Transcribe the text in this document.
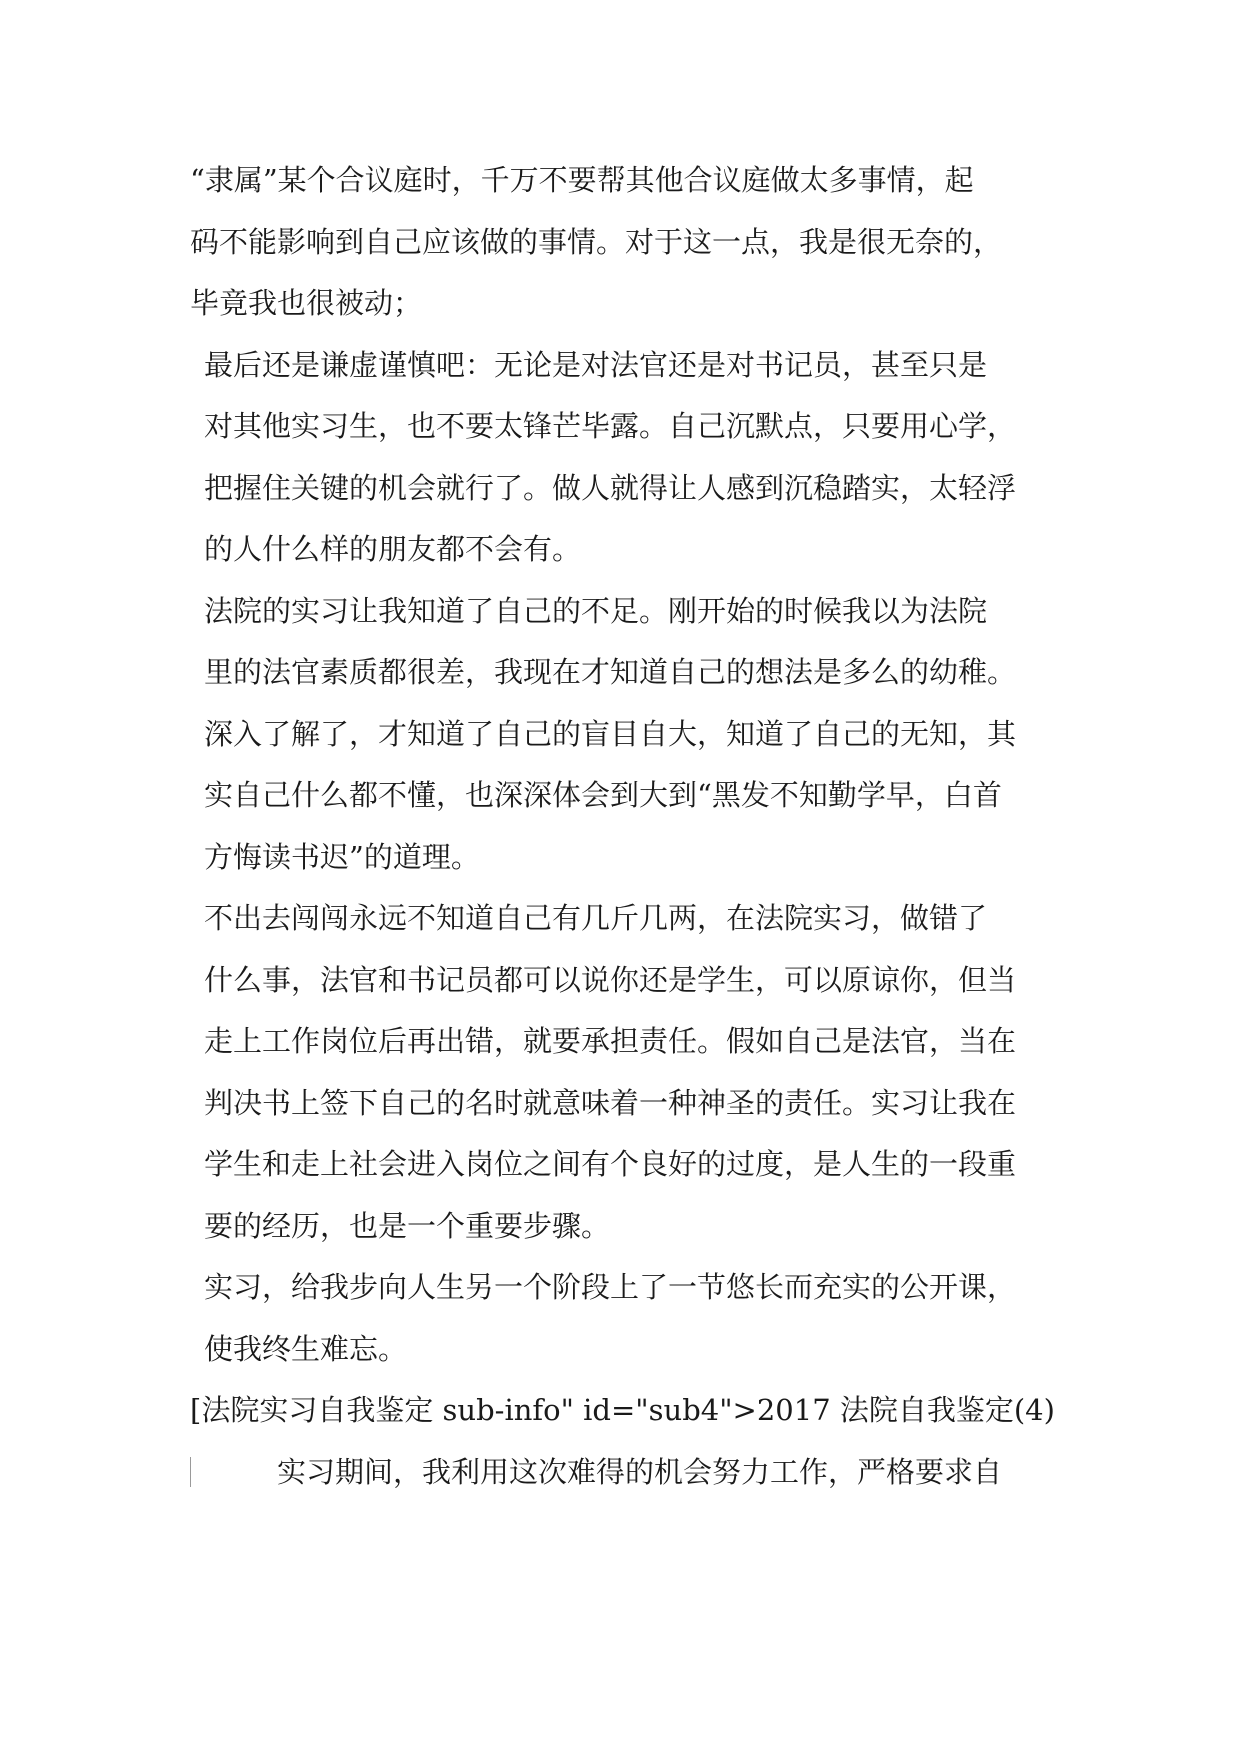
“隶属”某个合议庭时，千万不要帮其他合议庭做太多事情，起
码不能影响到自己应该做的事情。对于这一点，我是很无奈的，
毕竟我也很被动；
最后还是谦虚谨慎吧：无论是对法官还是对书记员，甚至只是
对其他实习生，也不要太锋芒毕露。自己沉默点，只要用心学，
把握住关键的机会就行了。做人就得让人感到沉稳踏实，太轻浮
的人什么样的朋友都不会有。
法院的实习让我知道了自己的不足。刚开始的时候我以为法院
里的法官素质都很差，我现在才知道自己的想法是多么的幼稚。
深入了解了，才知道了自己的盲目自大，知道了自己的无知，其
实自己什么都不懂，也深深体会到大到“黑发不知勤学早，白首
方悔读书迟”的道理。
不出去闯闯永远不知道自己有几斤几两，在法院实习，做错了
什么事，法官和书记员都可以说你还是学生，可以原谅你，但当
走上工作岗位后再出错，就要承担责任。假如自己是法官，当在
判决书上签下自己的名时就意味着一种神圣的责任。实习让我在
学生和走上社会进入岗位之间有个良好的过度，是人生的一段重
要的经历，也是一个重要步骤。
实习，给我步向人生另一个阶段上了一节悠长而充实的公开课，
使我终生难忘。
[法院实习自我鉴定 sub-info" id="sub4">2017 法院自我鉴定(4)
实习期间，我利用这次难得的机会努力工作，严格要求自
